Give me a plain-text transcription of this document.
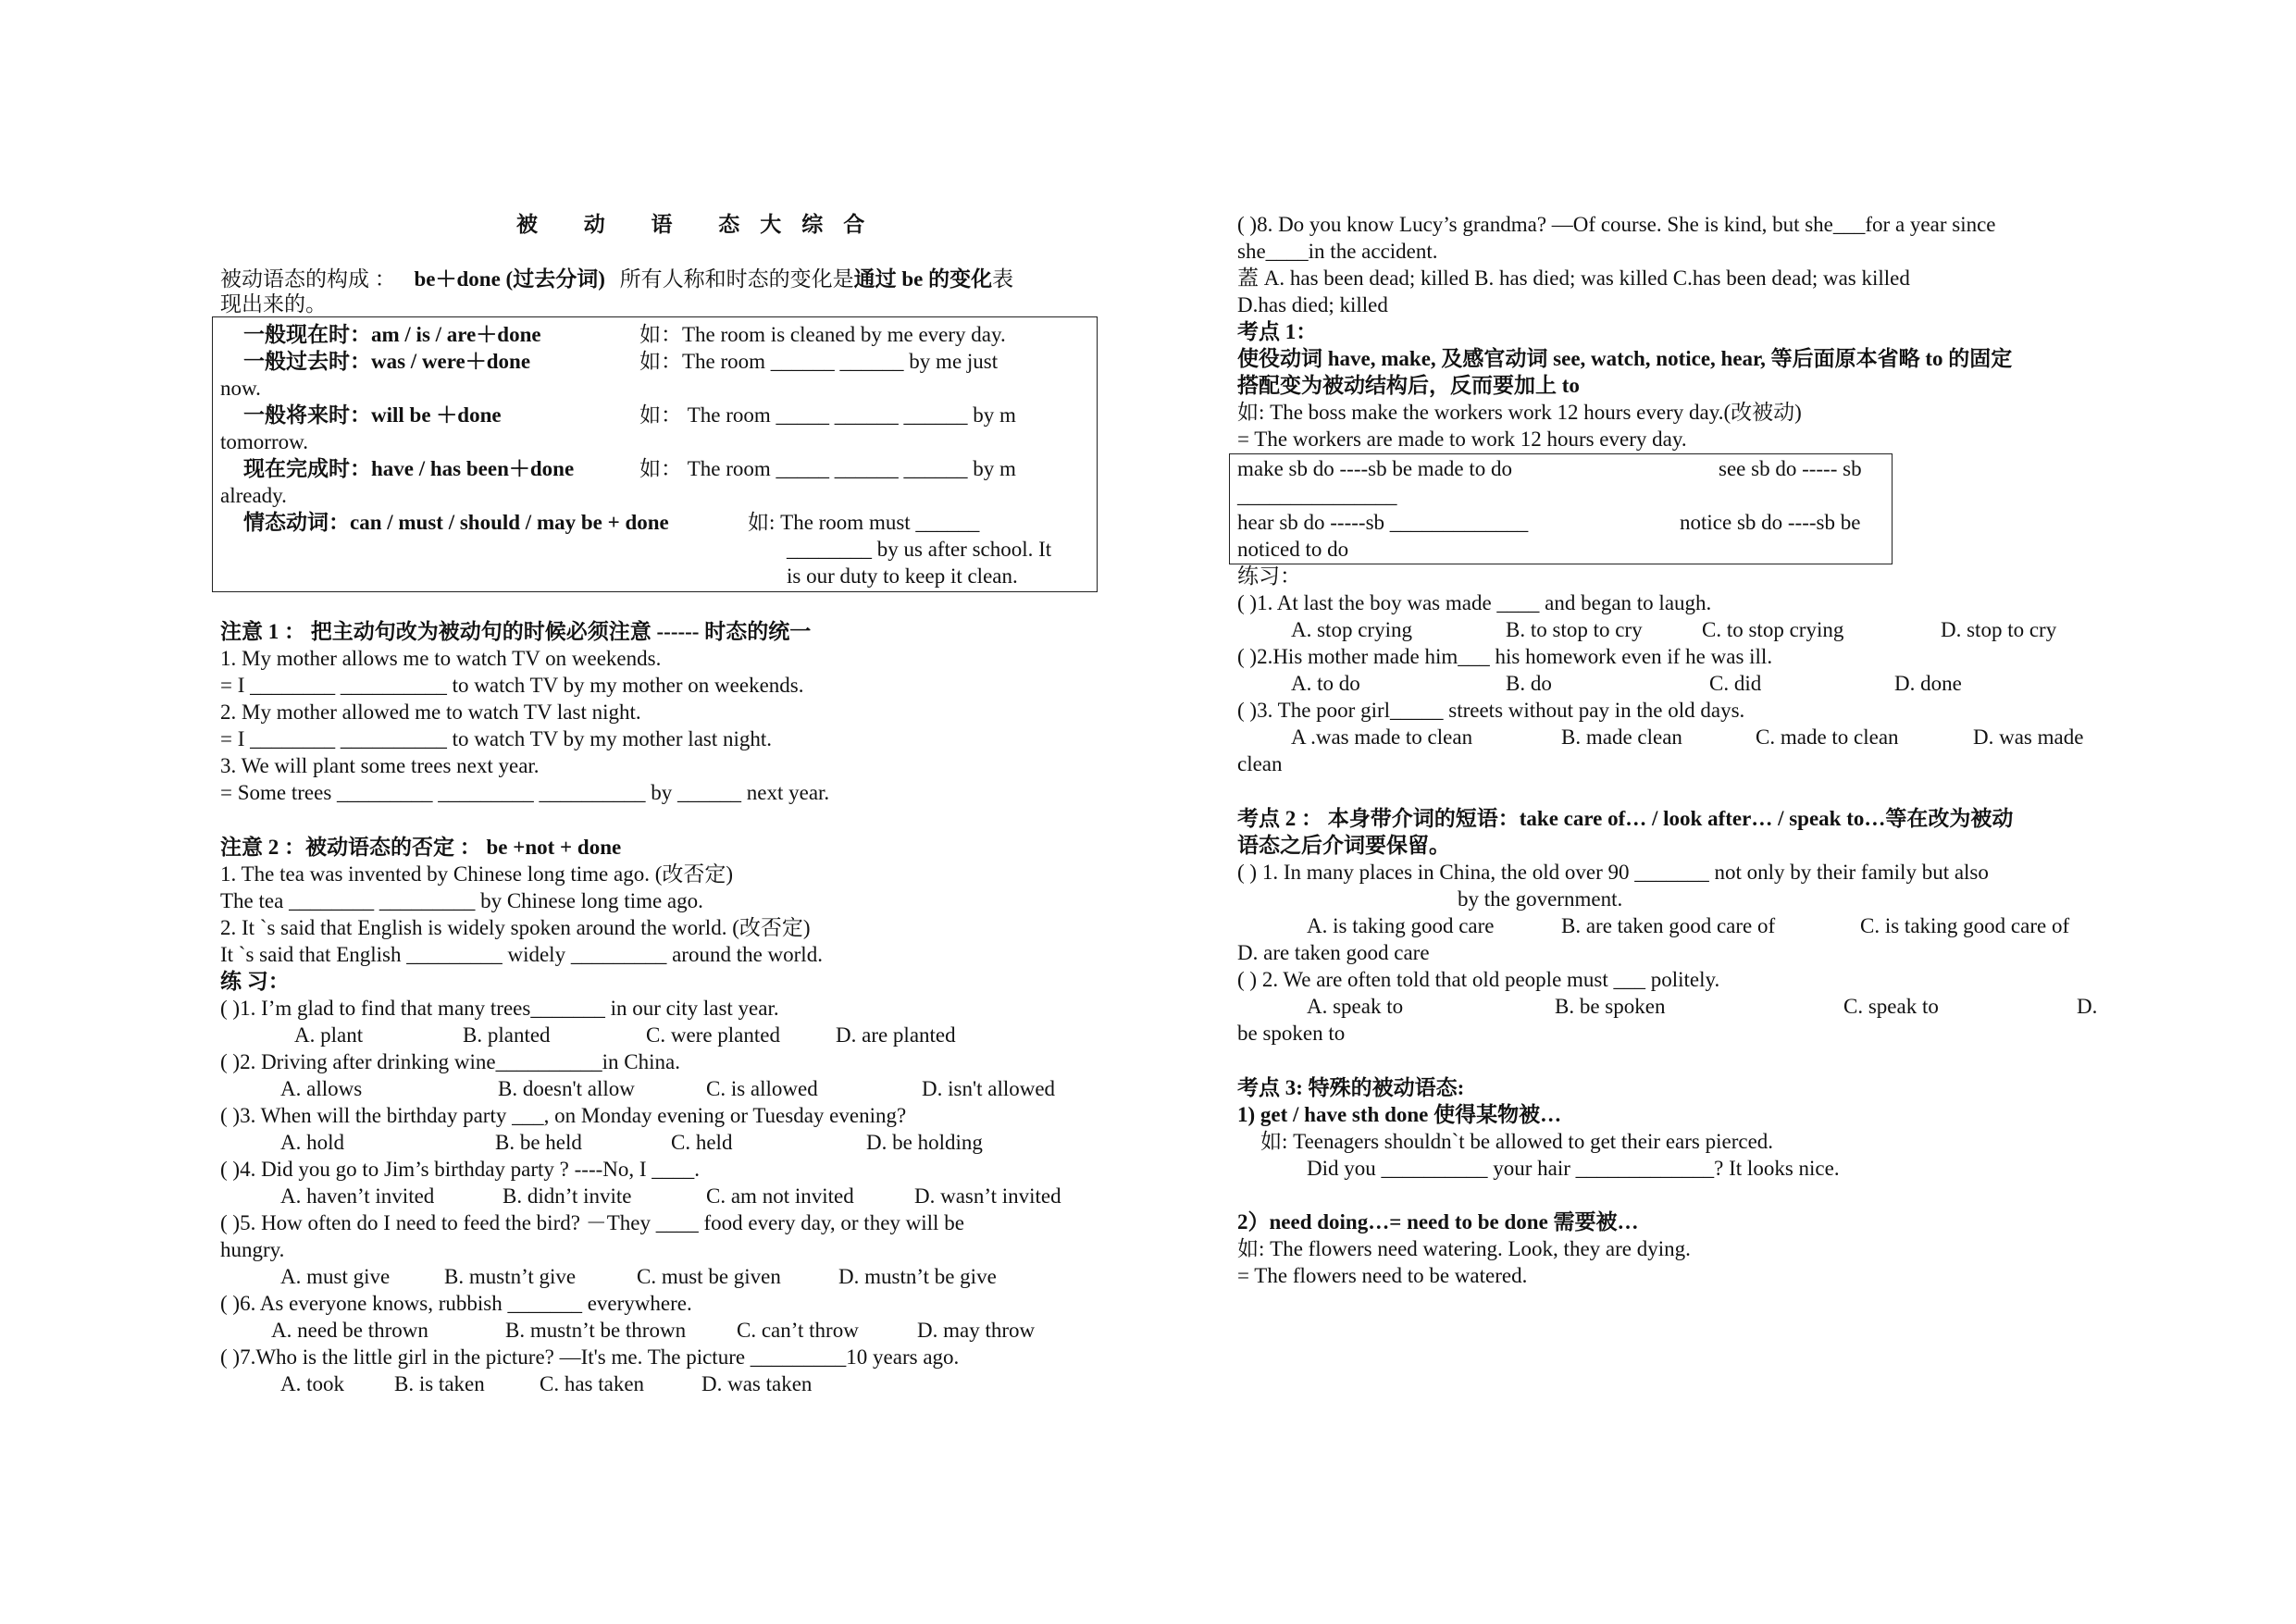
被 动 语 态大综合
被动语态的构成 ： be＋done (过去分词) 所有人称和时态的变化是通过 be 的变化表
现出来的。
一般现在时：am / is / are＋done	如：The room is cleaned by me every day.
一般过去时：was / were＋done	如：The room ______ ______ by me just
now.
一般将来时：will be ＋done	如： The room _____ ______ ______ by m
tomorrow.
现在完成时：have / has been＋done	如： The room _____ ______ ______ by m
already.
情态动词：can / must / should / may be + done	如: The room must ______
________ by us after school. It
is our duty to keep it clean.
注意 1 ： 把主动句改为被动句的时候必须注意 ------ 时态的统一
1. My mother allows me to watch TV on weekends.
= I ________ __________ to watch TV by my mother on weekends.
2. My mother allowed me to watch TV last night.
= I ________ __________ to watch TV by my mother last night.
3. We will plant some trees next year.
= Some trees _________ _________ __________ by ______ next year.
注意 2 ：被动语态的否定 ： be +not + done
1. The tea was invented by Chinese long time ago. (改否定)
The tea ________ _________ by Chinese long time ago.
2. It `s said that English is widely spoken around the world. (改否定)
It `s said that English _________ widely _________ around the world.
练 习：
( )1. I’m glad to find that many trees_______ in our city last year.
A. plant	B. planted	C. were planted	D. are planted
( )2. Driving after drinking wine__________in China.
A. allows	B. doesn't allow	C. is allowed	D. isn't allowed
( )3. When will the birthday party ___, on Monday evening or Tuesday evening?
A. hold	B. be held	C. held	D. be holding
( )4. Did you go to Jim’s birthday party ? ----No, I ____.
A. haven’t invited	B. didn’t invite	C. am not invited	D. wasn’t invited
( )5. How often do I need to feed the bird? －They ____ food every day, or they will be
hungry.
A. must give	B. mustn’t give	C. must be given	D. mustn’t be give
( )6. As everyone knows, rubbish _______ everywhere.
A. need be thrown	B. mustn’t be thrown C. can’t throw	D. may throw
( )7.Who is the little girl in the picture? —It's me. The picture _________10 years ago.
A. took B. is taken	C. has taken	D. was taken
( )8. Do you know Lucy’s grandma? —Of course. She is kind, but she___for a year since
she____in the accident.
蓋 A. has been dead; killed B. has died; was killed C.has been dead; was killed
D.has died; killed
考点 1：
使役动词 have, make, 及感官动词 see, watch, notice, hear, 等后面原本省略 to 的固定
搭配变为被动结构后，反而要加上 to
如: The boss make the workers work 12 hours every day.(改被动)
= The workers are made to work 12 hours every day.
make sb do ----sb be made to do	see sb do ----- sb
_______________
hear sb do -----sb _____________	notice sb do ----sb be
noticed to do
练习：
( )1. At last the boy was made ____ and began to laugh.
A. stop crying	B. to stop to cry	C. to stop crying	D. stop to cry
( )2.His mother made him___ his homework even if he was ill.
A. to do	B. do	C. did	D. done
( )3. The poor girl_____ streets without pay in the old days.
A .was made to clean	B. made clean	C. made to clean	D. was made
clean
考点 2 ： 本身带介词的短语：take care of… / look after… / speak to…等在改为被动
语态之后介词要保留。
( ) 1. In many places in China, the old over 90 _______ not only by their family but also
by the government.
A. is taking good care	B. are taken good care of	C. is taking good care of
D. are taken good care
( ) 2. We are often told that old people must ___ politely.
A. speak to	B. be spoken	C. speak to	D.
be spoken to
考点 3: 特殊的被动语态:
1) get / have sth done 使得某物被…
如: Teenagers shouldn`t be allowed to get their ears pierced.
Did you __________ your hair _____________? It looks nice.
2）need doing…= need to be done 需要被…
如: The flowers need watering. Look, they are dying.
= The flowers need to be watered.
